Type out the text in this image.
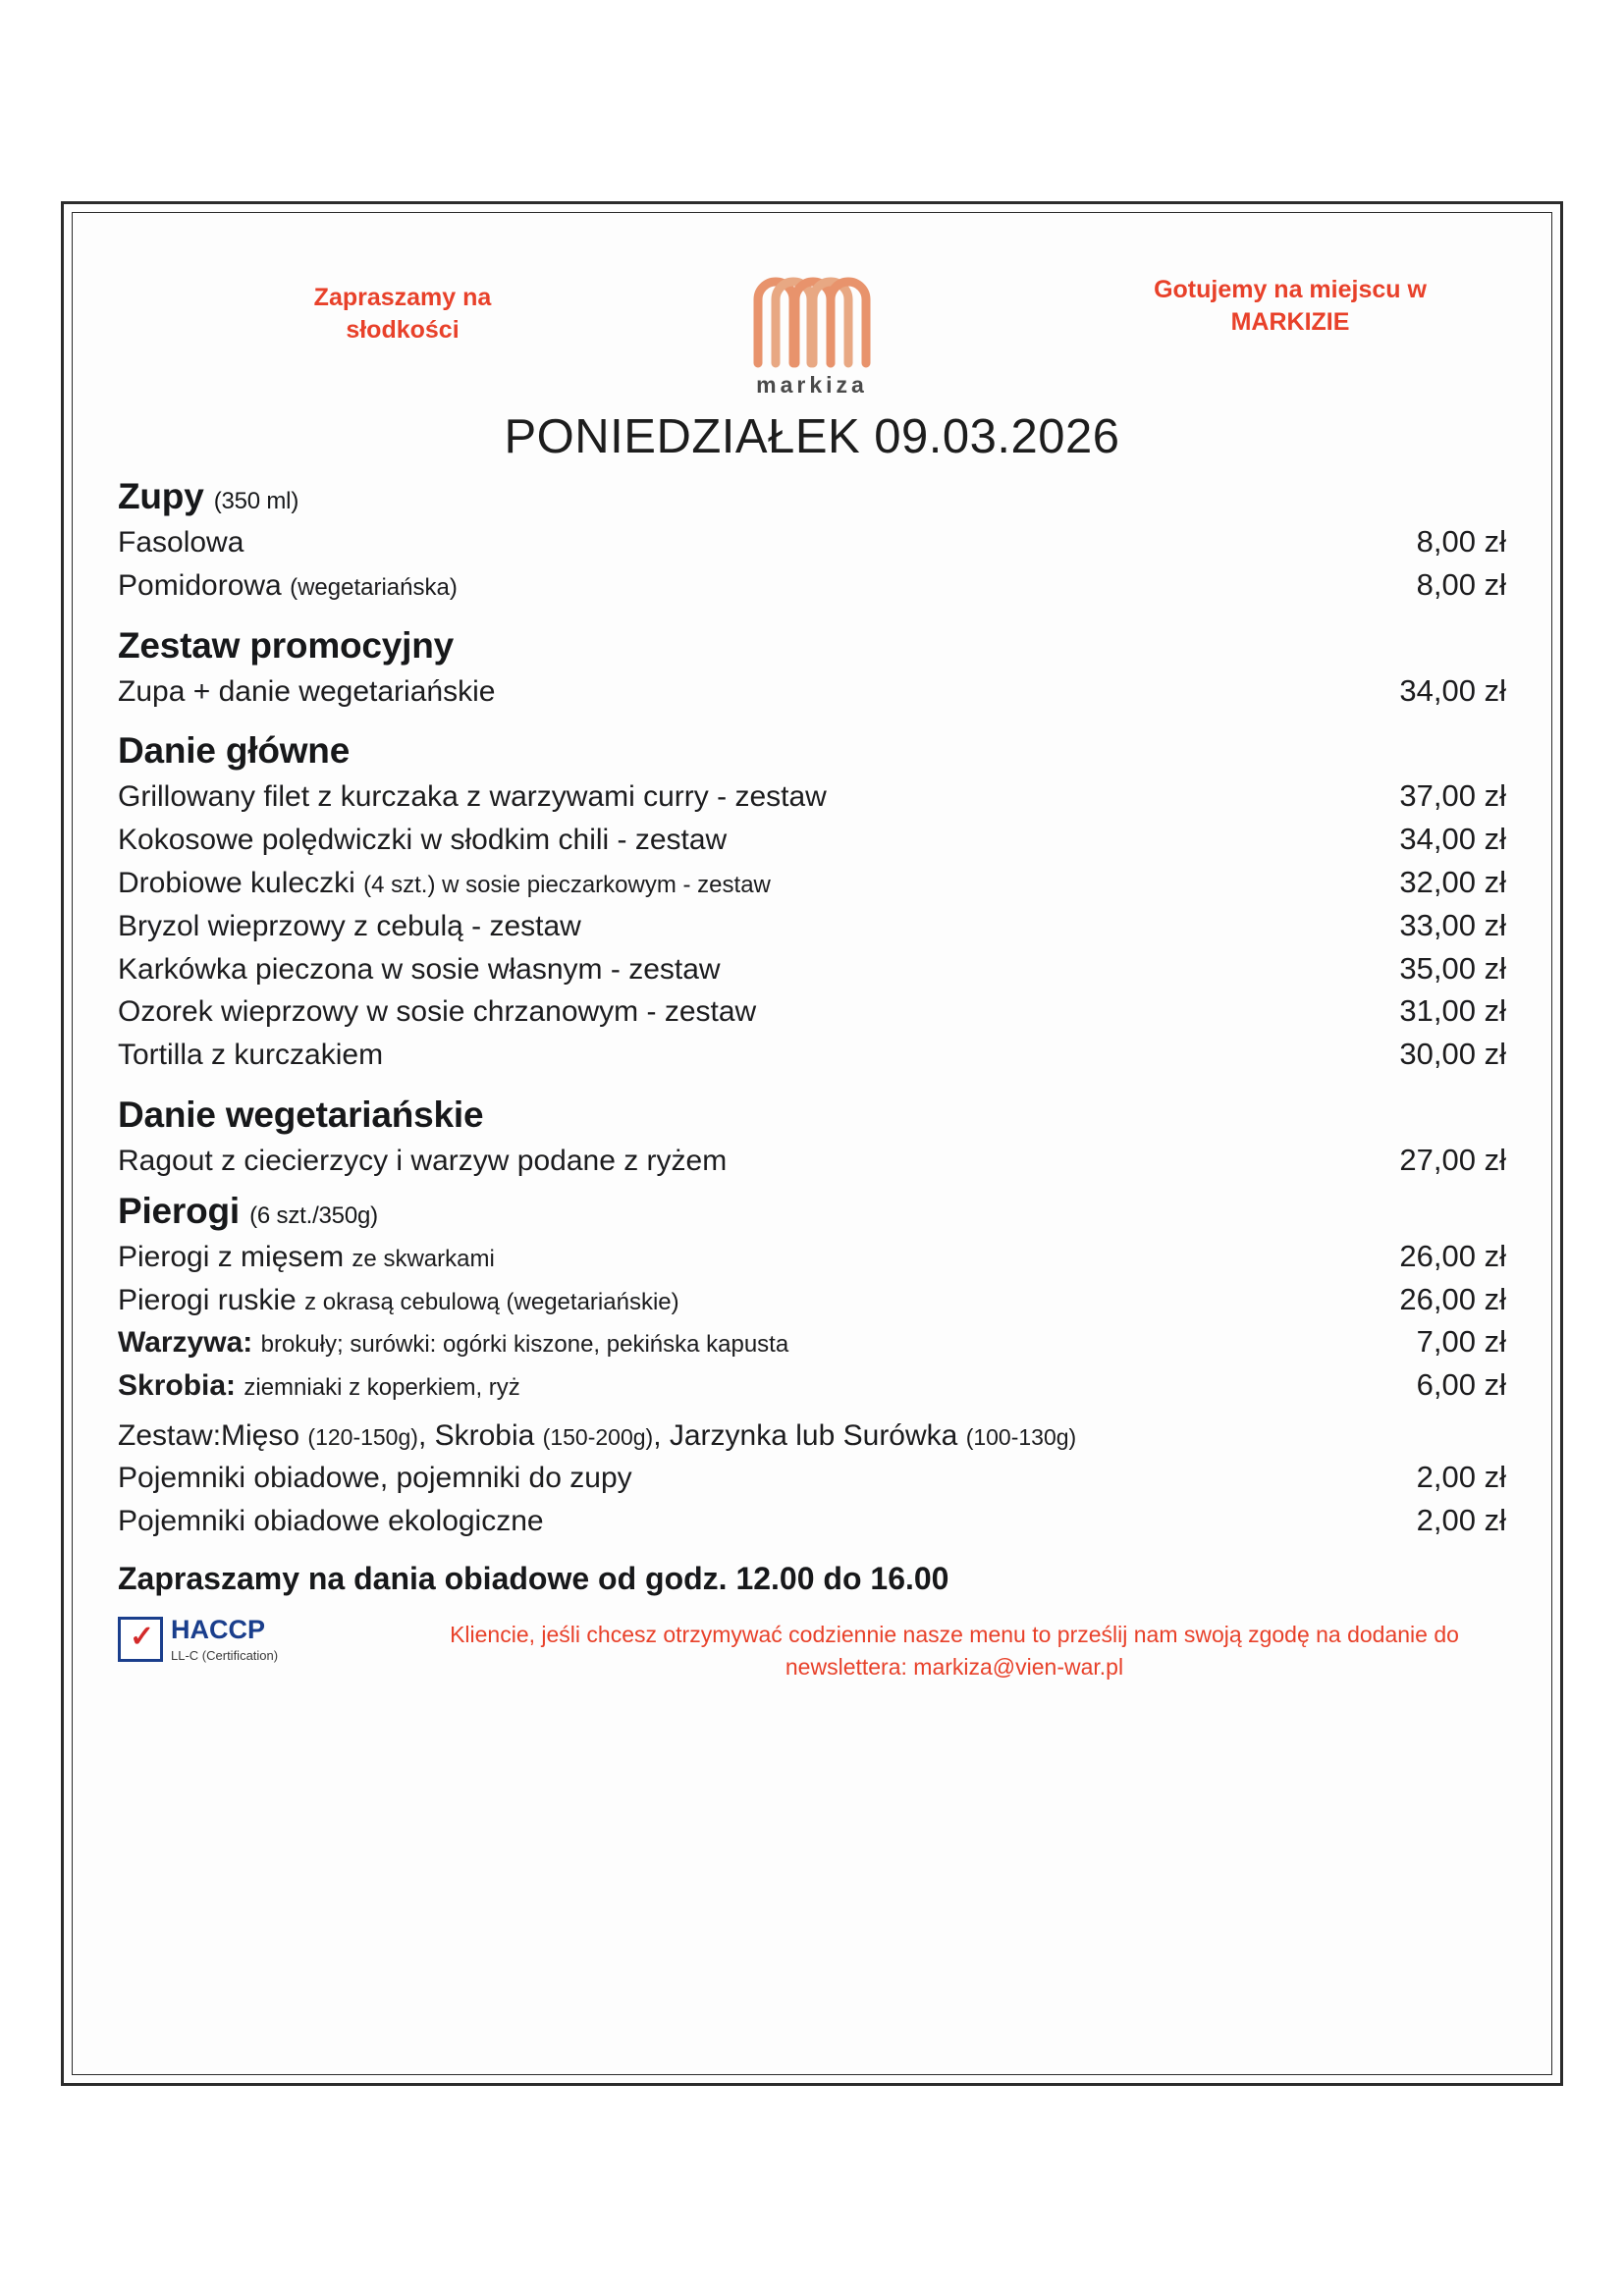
Zapraszamy na słodkości
markiza
Gotujemy na miejscu w MARKIZIE
PONIEDZIAŁEK 09.03.2026
Zupy (350 ml)
Fasolowa	8,00 zł
Pomidorowa (wegetariańska)	8,00 zł
Zestaw promocyjny
Zupa + danie wegetariańskie	34,00 zł
Danie główne
Grillowany filet z kurczaka z warzywami curry - zestaw	37,00 zł
Kokosowe polędwiczki w słodkim chili - zestaw	34,00 zł
Drobiowe kuleczki (4 szt.) w sosie pieczarkowym - zestaw	32,00 zł
Bryzol wieprzowy z cebulą - zestaw	33,00 zł
Karkówka pieczona w sosie własnym - zestaw	35,00 zł
Ozorek wieprzowy w sosie chrzanowym - zestaw	31,00 zł
Tortilla z kurczakiem	30,00 zł
Danie wegetariańskie
Ragout z ciecierzycy i warzyw podane z ryżem	27,00 zł
Pierogi (6 szt./350g)
Pierogi z mięsem ze skwarkami	26,00 zł
Pierogi ruskie z okrasą cebulową (wegetariańskie)	26,00 zł
Warzywa: brokuły; surówki: ogórki kiszone, pekińska kapusta	7,00 zł
Skrobia: ziemniaki z koperkiem, ryż	6,00 zł
Zestaw:Mięso (120-150g), Skrobia (150-200g), Jarzynka lub Surówka (100-130g)
Pojemniki obiadowe, pojemniki do zupy	2,00 zł
Pojemniki obiadowe ekologiczne	2,00 zł
Zapraszamy na dania obiadowe od godz. 12.00 do 16.00
✓ HACCP
LL-C (Certification)
Kliencie, jeśli chcesz otrzymywać codziennie nasze menu to prześlij nam swoją zgodę na dodanie do newslettera: markiza@vien-war.pl
